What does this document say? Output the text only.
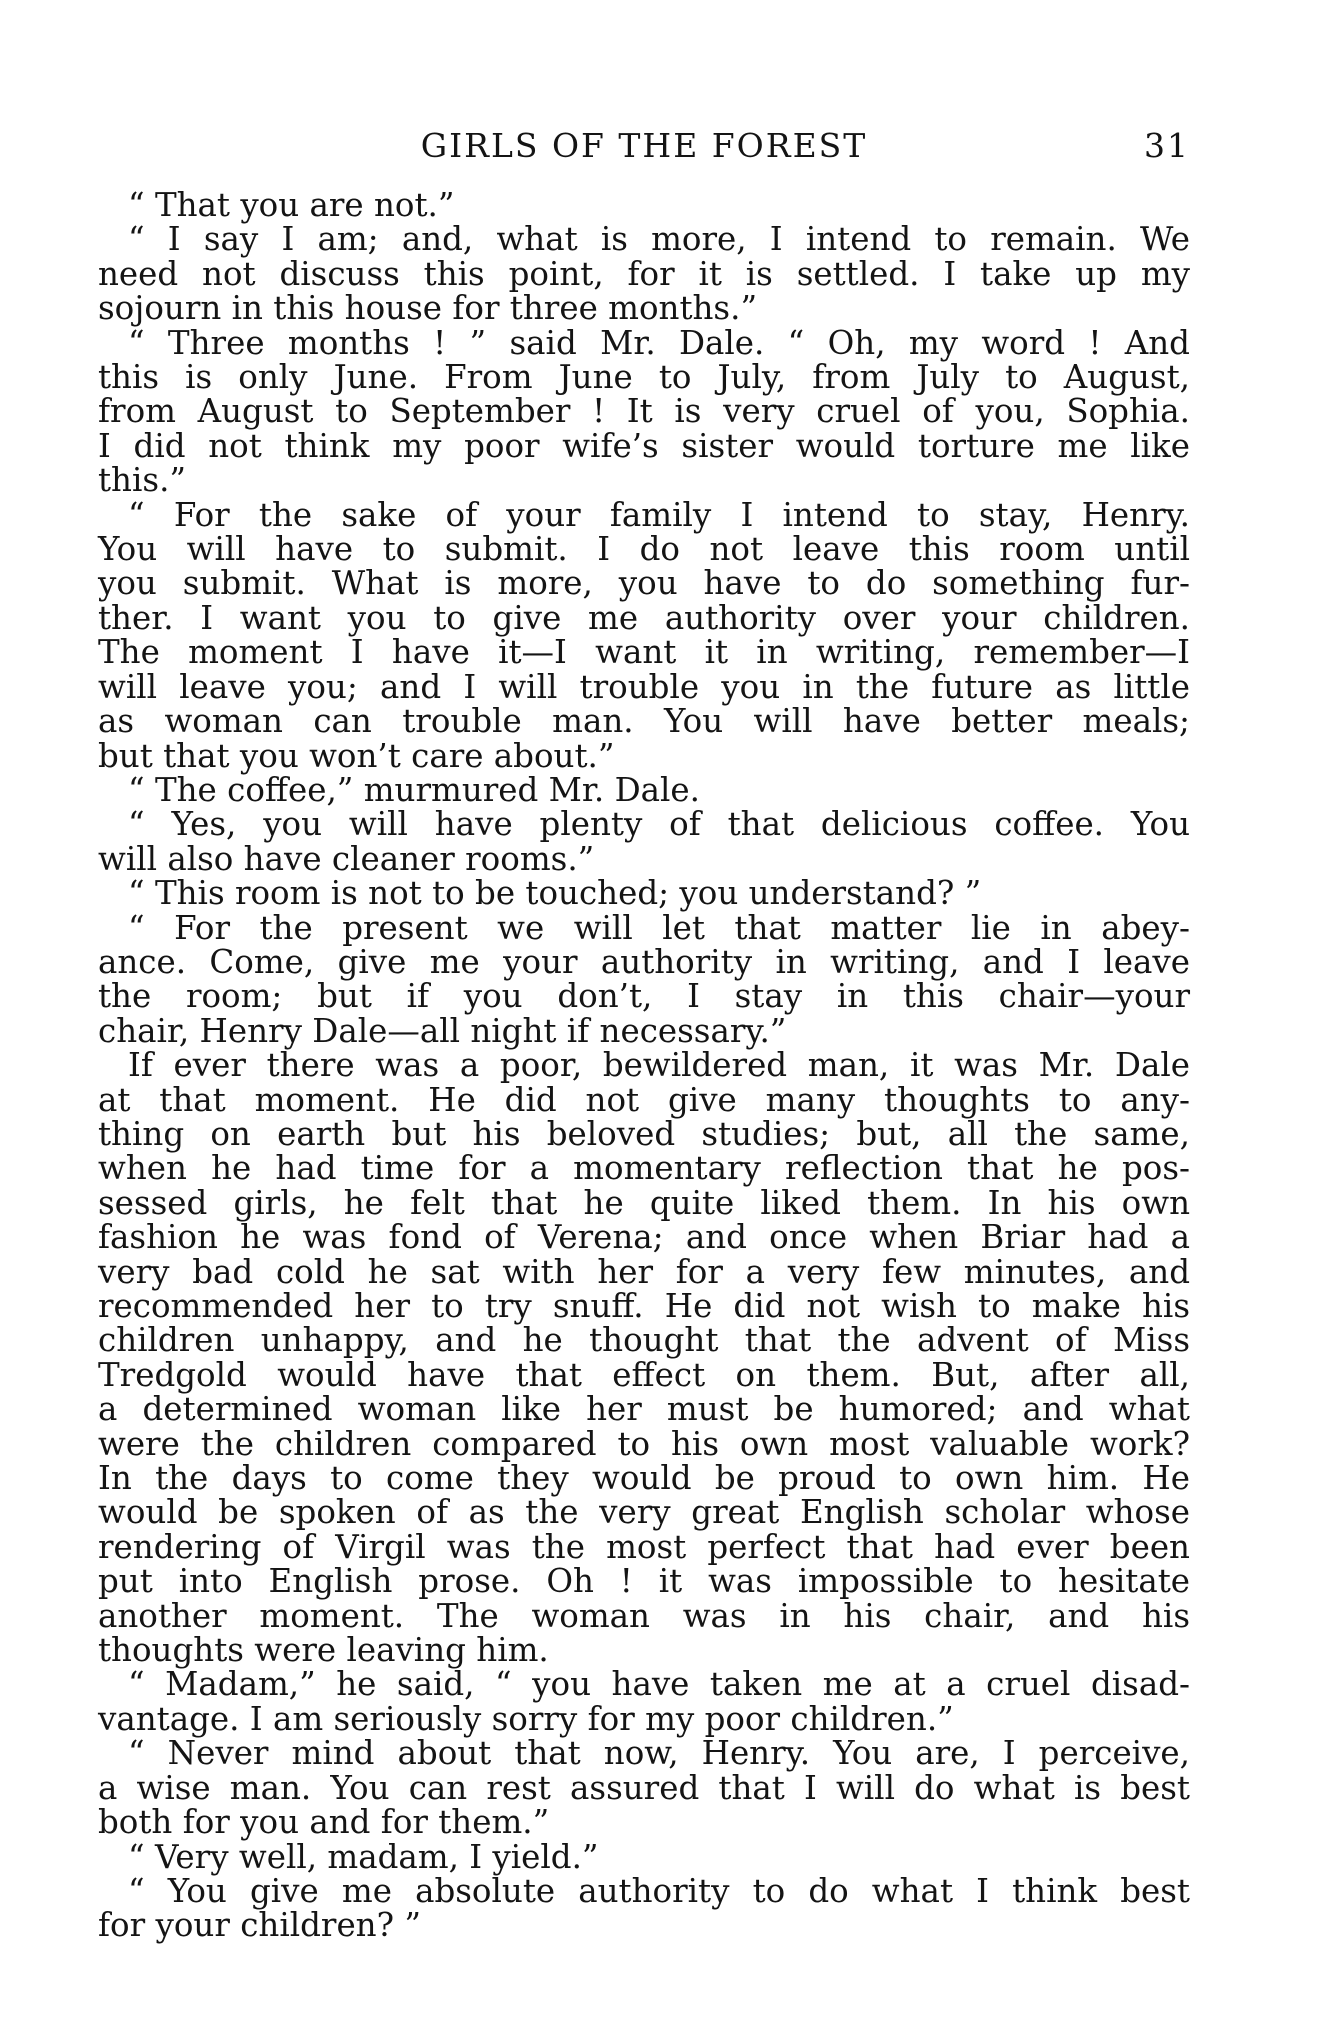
GIRLS OF THE FOREST	31
“ That you are not.”
“ I say I am; and, what is more, I intend to remain. We
need not discuss this point, for it is settled. I take up my
sojourn in this house for three months.”
“ Three months ! ” said Mr. Dale. “ Oh, my word ! And
this is only June. From June to July, from July to August,
from August to September ! It is very cruel of you, Sophia.
I did not think my poor wife’s sister would torture me like
this.”
“ For the sake of your family I intend to stay, Henry.
You will have to submit. I do not leave this room until
you submit. What is more, you have to do something fur-
ther. I want you to give me authority over your children.
The moment I have it—I want it in writing, remember—I
will leave you; and I will trouble you in the future as little
as woman can trouble man. You will have better meals;
but that you won’t care about.”
“ The coffee,” murmured Mr. Dale.
“ Yes, you will have plenty of that delicious coffee. You
will also have cleaner rooms.”
“ This room is not to be touched; you understand? ”
“ For the present we will let that matter lie in abey-
ance. Come, give me your authority in writing, and I leave
the room; but if you don’t, I stay in this chair—your
chair, Henry Dale—all night if necessary.”
If ever there was a poor, bewildered man, it was Mr. Dale
at that moment. He did not give many thoughts to any-
thing on earth but his beloved studies; but, all the same,
when he had time for a momentary reflection that he pos-
sessed girls, he felt that he quite liked them. In his own
fashion he was fond of Verena; and once when Briar had a
very bad cold he sat with her for a very few minutes, and
recommended her to try snuff. He did not wish to make his
children unhappy, and he thought that the advent of Miss
Tredgold would have that effect on them. But, after all,
a determined woman like her must be humored; and what
were the children compared to his own most valuable work?
In the days to come they would be proud to own him. He
would be spoken of as the very great English scholar whose
rendering of Virgil was the most perfect that had ever been
put into English prose. Oh ! it was impossible to hesitate
another moment. The woman was in his chair, and his
thoughts were leaving him.
“ Madam,” he said, “ you have taken me at a cruel disad-
vantage. I am seriously sorry for my poor children.”
“ Never mind about that now, Henry. You are, I perceive,
a wise man. You can rest assured that I will do what is best
both for you and for them.”
“ Very well, madam, I yield.”
“ You give me absolute authority to do what I think best
for your children? ”
